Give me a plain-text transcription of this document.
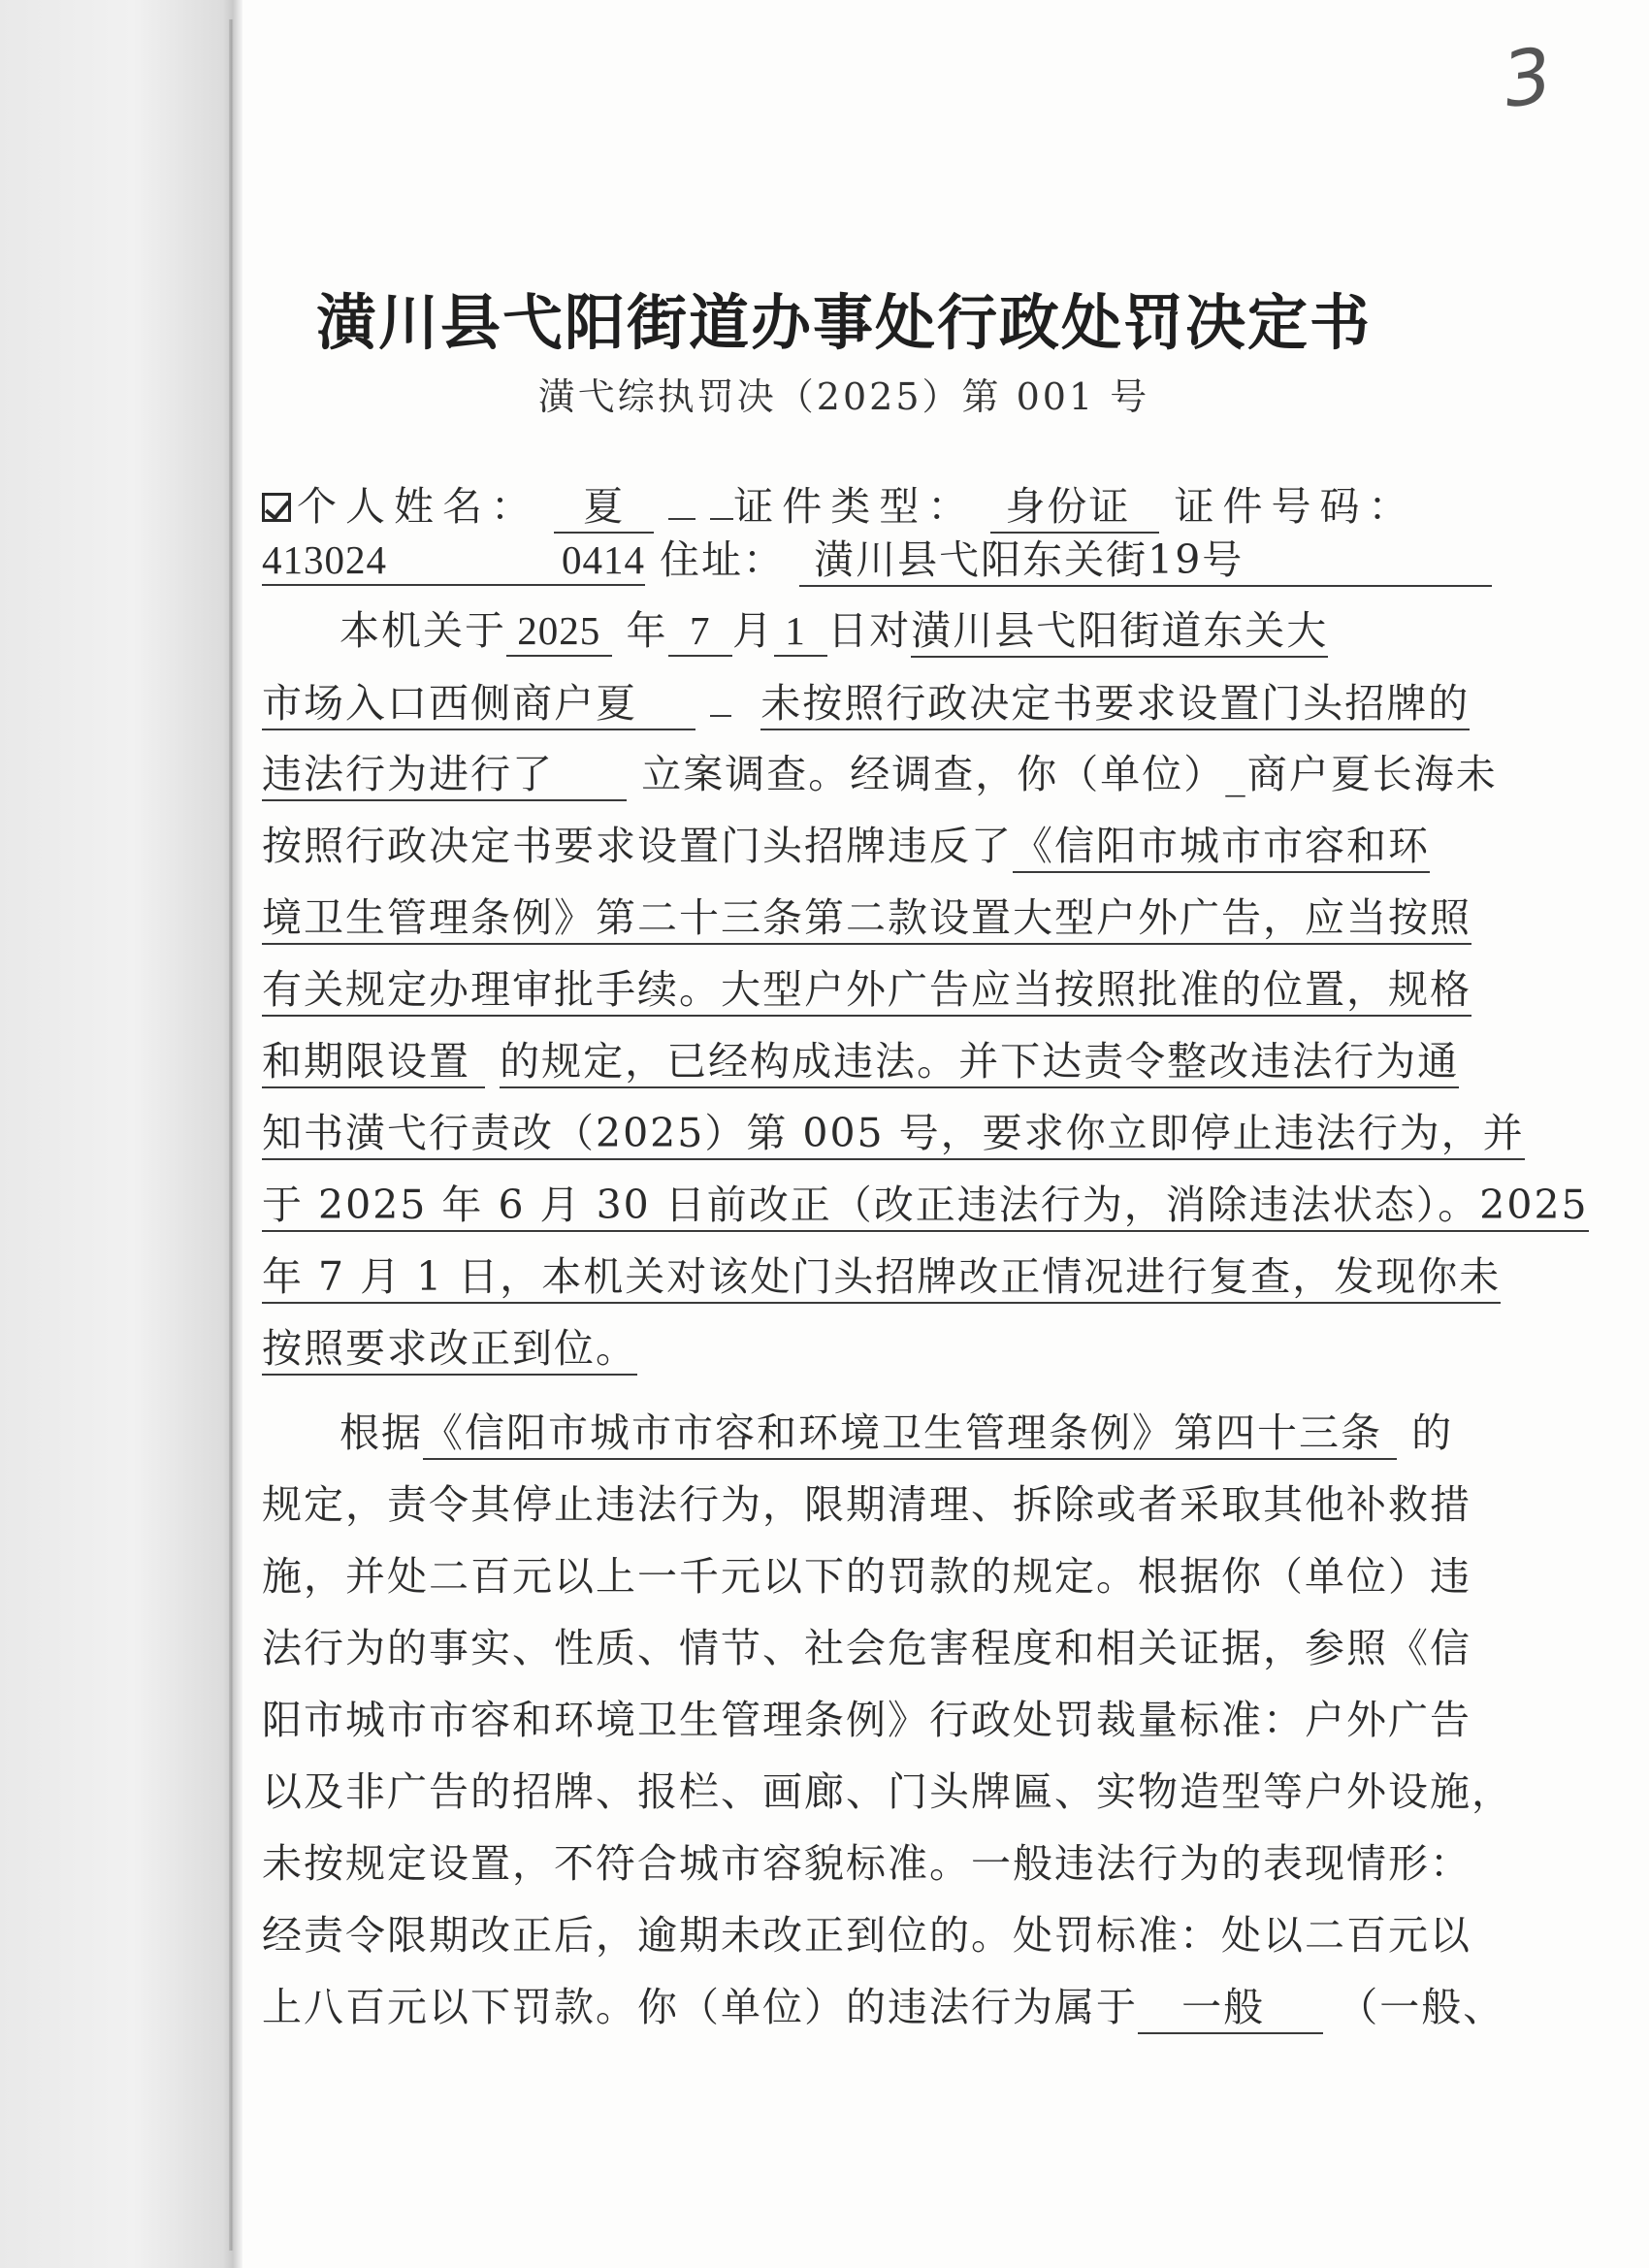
3
潢川县弋阳街道办事处行政处罚决定书
潢弋综执罚决（2025）第 001 号
个人姓名： 夏	证件类型： 身份证 证件号码：
413024	0414 住址： 潢川县弋阳东关街19号
本机关于 2025 年 7 月 1 日对潢川县弋阳街道东关大
市场入口西侧商户夏	未按照行政决定书要求设置门头招牌的
违法行为进行了 立案调查。经调查，你（单位）_商户夏长海未
按照行政决定书要求设置门头招牌违反了《信阳市城市市容和环
境卫生管理条例》第二十三条第二款设置大型户外广告，应当按照
有关规定办理审批手续。大型户外广告应当按照批准的位置，规格
和期限设置 的规定，已经构成违法。并下达责令整改违法行为通
知书潢弋行责改（2025）第 005 号，要求你立即停止违法行为，并
于 2025 年 6 月 30 日前改正（改正违法行为，消除违法状态）。2025
年 7 月 1 日，本机关对该处门头招牌改正情况进行复查，发现你未
按照要求改正到位。
根据《信阳市城市市容和环境卫生管理条例》第四十三条 的
规定，责令其停止违法行为，限期清理、拆除或者采取其他补救措
施，并处二百元以上一千元以下的罚款的规定。根据你（单位）违
法行为的事实、性质、情节、社会危害程度和相关证据，参照《信
阳市城市市容和环境卫生管理条例》行政处罚裁量标准：户外广告
以及非广告的招牌、报栏、画廊、门头牌匾、实物造型等户外设施，
未按规定设置，不符合城市容貌标准。一般违法行为的表现情形：
经责令限期改正后，逾期未改正到位的。处罚标准：处以二百元以
上八百元以下罚款。你（单位）的违法行为属于 一般 （一般、
